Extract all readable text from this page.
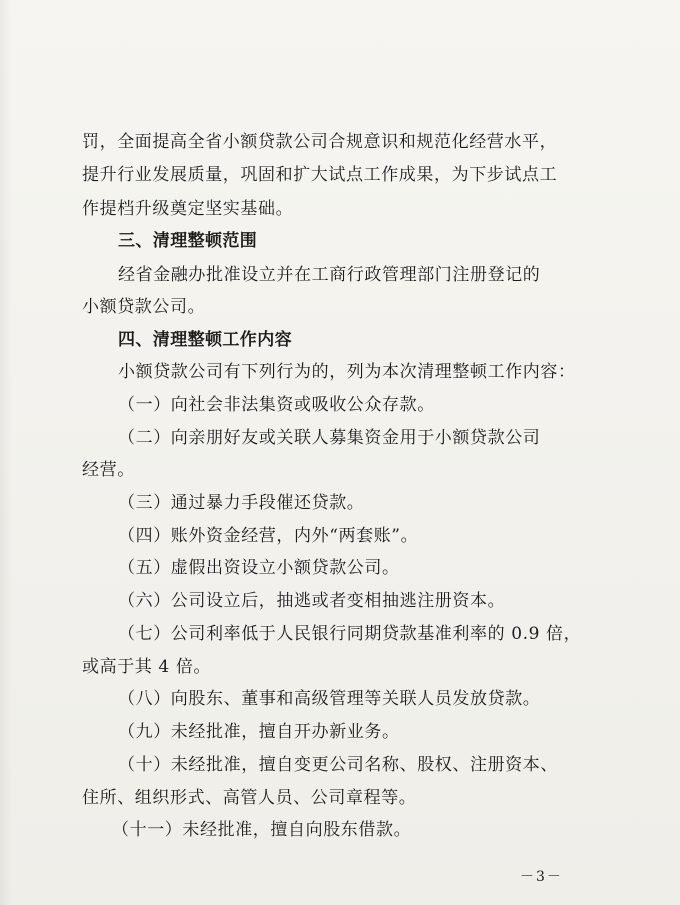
罚，全面提高全省小额贷款公司合规意识和规范化经营水平，
提升行业发展质量，巩固和扩大试点工作成果，为下步试点工
作提档升级奠定坚实基础。
三、清理整顿范围
经省金融办批准设立并在工商行政管理部门注册登记的
小额贷款公司。
四、清理整顿工作内容
小额贷款公司有下列行为的，列为本次清理整顿工作内容：
（一）向社会非法集资或吸收公众存款。
（二）向亲朋好友或关联人募集资金用于小额贷款公司
经营。
（三）通过暴力手段催还贷款。
（四）账外资金经营，内外“两套账”。
（五）虚假出资设立小额贷款公司。
（六）公司设立后，抽逃或者变相抽逃注册资本。
（七）公司利率低于人民银行同期贷款基准利率的 0.9 倍，
或高于其 4 倍。
（八）向股东、董事和高级管理等关联人员发放贷款。
（九）未经批准，擅自开办新业务。
（十）未经批准，擅自变更公司名称、股权、注册资本、
住所、组织形式、高管人员、公司章程等。
（十一）未经批准，擅自向股东借款。
－3－
